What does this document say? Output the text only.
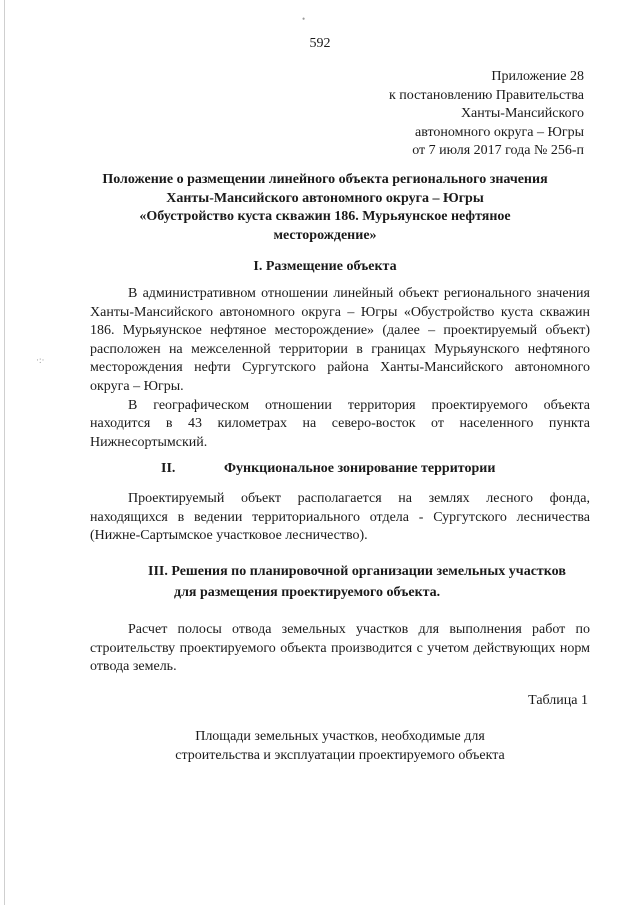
•
·:·
592
Приложение 28
к постановлению Правительства
Ханты-Мансийского
автономного округа – Югры
от 7 июля 2017 года № 256-п
Положение о размещении линейного объекта регионального значения
Ханты-Мансийского автономного округа – Югры
«Обустройство куста скважин 186. Мурьяунское нефтяное
месторождение»
I. Размещение объекта

В административном отношении линейный объект регионального значения Ханты-Мансийского автономного округа – Югры «Обустройство куста скважин 186. Мурьяунское нефтяное месторождение» (далее – проектируемый объект) расположен на межселенной территории в границах Мурьяунского нефтяного месторождения нефти Сургутского района Ханты-Мансийского автономного округа – Югры.

В географическом отношении территория проектируемого объекта находится в 43 километрах на северо-восток от населенного пункта Нижнесортымский.

II.	Функциональное зонирование территории

Проектируемый объект располагается на землях лесного фонда, находящихся в ведении территориального отдела - Сургутского лесничества (Нижне-Сартымское участковое лесничество).

III. Решения по планировочной организации земельных участков
для размещения проектируемого объекта.

Расчет полосы отвода земельных участков для выполнения работ по строительству проектируемого объекта производится с учетом действующих норм отвода земель.

Таблица 1
Площади земельных участков, необходимые для
строительства и эксплуатации проектируемого объекта
